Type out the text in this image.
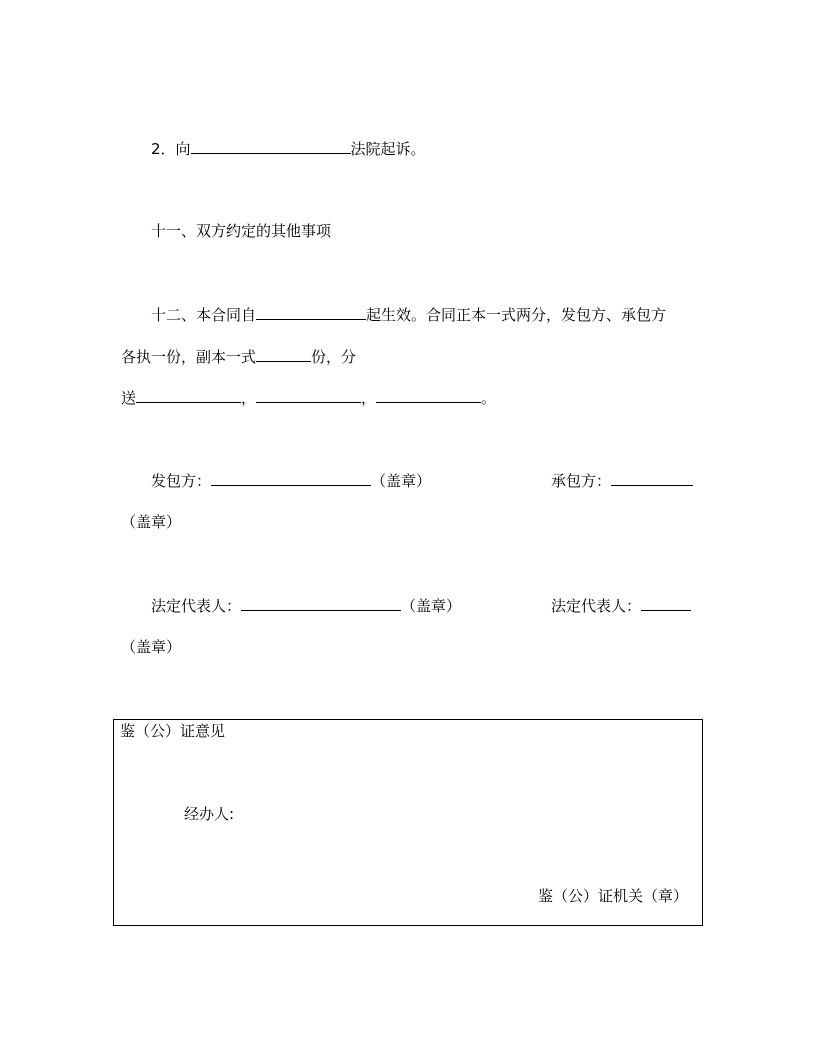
2．向	法院起诉。
十一、双方约定的其他事项
十二、本合同自	起生效。合同正本一式两分，发包方、承包方
各执一份，副本一式	份，分
送	，	，	。
发包方：	（盖章）	承包方：
（盖章）
法定代表人：	（盖章）	法定代表人：
（盖章）
鉴（公）证意见
经办人:
鉴（公）证机关（章）
